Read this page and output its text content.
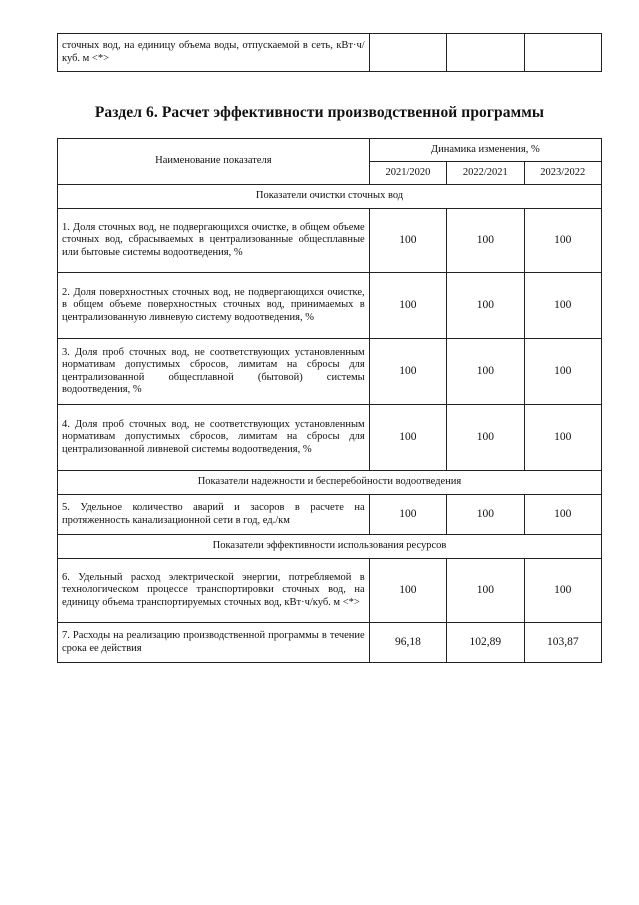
сточных вод, на единицу объема воды, отпускаемой в сеть, кВт·ч/куб. м <*>			
Раздел 6. Расчет эффективности производственной программы
Наименование показателя	Динамика изменения, %		
	2021/2020	2022/2021	2023/2022
Показатели очистки сточных вод			
1. Доля сточных вод, не подвергающихся очистке, в общем объеме сточных вод, сбрасываемых в централизованные общесплавные или бытовые системы водоотведения, %	100	100	100
2. Доля поверхностных сточных вод, не подвергающихся очистке, в общем объеме поверхностных сточных вод, принимаемых в централизованную ливневую систему водоотведения, %	100	100	100
3. Доля проб сточных вод, не соответствующих установленным нормативам допустимых сбросов, лимитам на сбросы для централизованной общесплавной (бытовой) системы водоотведения, %	100	100	100
4. Доля проб сточных вод, не соответствующих установленным нормативам допустимых сбросов, лимитам на сбросы для централизованной ливневой системы водоотведения, %	100	100	100
Показатели надежности и бесперебойности водоотведения			
5. Удельное количество аварий и засоров в расчете на протяженность канализационной сети в год, ед./км	100	100	100
Показатели эффективности использования ресурсов			
6. Удельный расход электрической энергии, потребляемой в технологическом процессе транспортировки сточных вод, на единицу объема транспортируемых сточных вод, кВт·ч/куб. м <*>	100	100	100
7. Расходы на реализацию производственной программы в течение срока ее действия	96,18	102,89	103,87
